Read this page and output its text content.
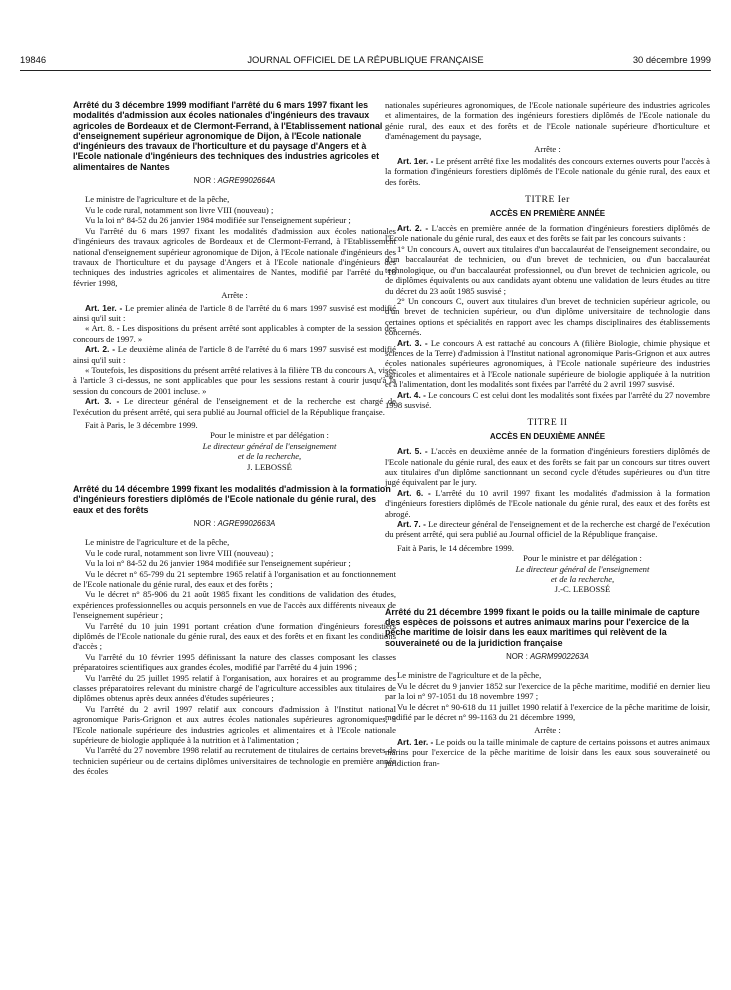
19846	JOURNAL OFFICIEL DE LA RÉPUBLIQUE FRANÇAISE	30 décembre 1999
Arrêté du 3 décembre 1999 modifiant l'arrêté du 6 mars 1997 fixant les modalités d'admission aux écoles nationales d'ingénieurs des travaux agricoles de Bordeaux et de Clermont-Ferrand, à l'Etablissement national d'enseignement supérieur agronomique de Dijon, à l'Ecole nationale d'ingénieurs des travaux de l'horticulture et du paysage d'Angers et à l'Ecole nationale d'ingénieurs des techniques des industries agricoles et alimentaires de Nantes
NOR : AGRE9902664A

Le ministre de l'agriculture et de la pêche,

Vu le code rural, notamment son livre VIII (nouveau) ;

Vu la loi n° 84-52 du 26 janvier 1984 modifiée sur l'enseignement supérieur ;

Vu l'arrêté du 6 mars 1997 fixant les modalités d'admission aux écoles nationales d'ingénieurs des travaux agricoles de Bordeaux et de Clermont-Ferrand, à l'Etablissement national d'enseignement supérieur agronomique de Dijon, à l'Ecole nationale d'ingénieurs des travaux de l'horticulture et du paysage d'Angers et à l'Ecole nationale d'ingénieurs des techniques des industries agricoles et alimentaires de Nantes, modifié par l'arrêté du 18 février 1998,

Arrête :

Art. 1er. - Le premier alinéa de l'article 8 de l'arrêté du 6 mars 1997 susvisé est modifié ainsi qu'il suit :

« Art. 8. - Les dispositions du présent arrêté sont applicables à compter de la session des concours de 1997. »

Art. 2. - Le deuxième alinéa de l'article 8 de l'arrêté du 6 mars 1997 susvisé est modifié ainsi qu'il suit :

« Toutefois, les dispositions du présent arrêté relatives à la filière TB du concours A, visée à l'article 3 ci-dessus, ne sont applicables que pour les sessions restant à courir jusqu'à la session du concours de 2001 incluse. »

Art. 3. - Le directeur général de l'enseignement et de la recherche est chargé de l'exécution du présent arrêté, qui sera publié au Journal officiel de la République française.

Fait à Paris, le 3 décembre 1999.

Pour le ministre et par délégation :

Le directeur général de l'enseignement

et de la recherche,

J. LEBOSSÉ

Arrêté du 14 décembre 1999 fixant les modalités d'admission à la formation d'ingénieurs forestiers diplômés de l'Ecole nationale du génie rural, des eaux et des forêts
NOR : AGRE9902663A

Le ministre de l'agriculture et de la pêche,

Vu le code rural, notamment son livre VIII (nouveau) ;

Vu la loi n° 84-52 du 26 janvier 1984 modifiée sur l'enseignement supérieur ;

Vu le décret n° 65-799 du 21 septembre 1965 relatif à l'organisation et au fonctionnement de l'Ecole nationale du génie rural, des eaux et des forêts ;

Vu le décret n° 85-906 du 21 août 1985 fixant les conditions de validation des études, expériences professionnelles ou acquis personnels en vue de l'accès aux différents niveaux de l'enseignement supérieur ;

Vu l'arrêté du 10 juin 1991 portant création d'une formation d'ingénieurs forestiers diplômés de l'Ecole nationale du génie rural, des eaux et des forêts et en fixant les conditions d'accès ;

Vu l'arrêté du 10 février 1995 définissant la nature des classes composant les classes préparatoires scientifiques aux grandes écoles, modifié par l'arrêté du 4 juin 1996 ;

Vu l'arrêté du 25 juillet 1995 relatif à l'organisation, aux horaires et au programme des classes préparatoires relevant du ministre chargé de l'agriculture accessibles aux titulaires de diplômes obtenus après deux années d'études supérieures ;

Vu l'arrêté du 2 avril 1997 relatif aux concours d'admission à l'Institut national agronomique Paris-Grignon et aux autres écoles nationales supérieures agronomiques, à l'Ecole nationale supérieure des industries agricoles et alimentaires et à l'Ecole nationale supérieure de biologie appliquée à la nutrition et à l'alimentation ;

Vu l'arrêté du 27 novembre 1998 relatif au recrutement de titulaires de certains brevets de technicien supérieur ou de certains diplômes universitaires de technologie en première année des écoles

nationales supérieures agronomiques, de l'Ecole nationale supérieure des industries agricoles et alimentaires, de la formation des ingénieurs forestiers diplômés de l'Ecole nationale du génie rural, des eaux et des forêts et de l'Ecole nationale supérieure d'horticulture et d'aménagement du paysage,

Arrête :

Art. 1er. - Le présent arrêté fixe les modalités des concours externes ouverts pour l'accès à la formation d'ingénieurs forestiers diplômés de l'Ecole nationale du génie rural, des eaux et des forêts.

TITRE Ier
ACCÈS EN PREMIÈRE ANNÉE

Art. 2. - L'accès en première année de la formation d'ingénieurs forestiers diplômés de l'Ecole nationale du génie rural, des eaux et des forêts se fait par les concours suivants :

1° Un concours A, ouvert aux titulaires d'un baccalauréat de l'enseignement secondaire, ou d'un baccalauréat de technicien, ou d'un brevet de technicien, ou d'un baccalauréat technologique, ou d'un baccalauréat professionnel, ou d'un brevet de technicien agricole, ou de diplômes équivalents ou aux candidats ayant obtenu une validation de leurs études au titre du décret du 23 août 1985 susvisé ;

2° Un concours C, ouvert aux titulaires d'un brevet de technicien supérieur agricole, ou d'un brevet de technicien supérieur, ou d'un diplôme universitaire de technologie dans certaines options et spécialités en rapport avec les champs disciplinaires des établissements concernés.

Art. 3. - Le concours A est rattaché au concours A (filière Biologie, chimie physique et sciences de la Terre) d'admission à l'Institut national agronomique Paris-Grignon et aux autres écoles nationales supérieures agronomiques, à l'Ecole nationale supérieure des industries agricoles et alimentaires et à l'Ecole nationale supérieure de biologie appliquée à la nutrition et à l'alimentation, dont les modalités sont fixées par l'arrêté du 2 avril 1997 susvisé.

Art. 4. - Le concours C est celui dont les modalités sont fixées par l'arrêté du 27 novembre 1998 susvisé.

TITRE II
ACCÈS EN DEUXIÈME ANNÉE

Art. 5. - L'accès en deuxième année de la formation d'ingénieurs forestiers diplômés de l'Ecole nationale du génie rural, des eaux et des forêts se fait par un concours sur titres ouvert aux titulaires d'un diplôme sanctionnant un second cycle d'études supérieures ou d'un titre jugé équivalent par le jury.

Art. 6. - L'arrêté du 10 avril 1997 fixant les modalités d'admission à la formation d'ingénieurs forestiers diplômés de l'Ecole nationale du génie rural, des eaux et des forêts est abrogé.

Art. 7. - Le directeur général de l'enseignement et de la recherche est chargé de l'exécution du présent arrêté, qui sera publié au Journal officiel de la République française.

Fait à Paris, le 14 décembre 1999.

Pour le ministre et par délégation :

Le directeur général de l'enseignement

et de la recherche,

J.-C. LEBOSSÉ

Arrêté du 21 décembre 1999 fixant le poids ou la taille minimale de capture des espèces de poissons et autres animaux marins pour l'exercice de la pêche maritime de loisir dans les eaux maritimes qui relèvent de la souveraineté ou de la juridiction française
NOR : AGRM9902263A

Le ministre de l'agriculture et de la pêche,

Vu le décret du 9 janvier 1852 sur l'exercice de la pêche maritime, modifié en dernier lieu par la loi n° 97-1051 du 18 novembre 1997 ;

Vu le décret n° 90-618 du 11 juillet 1990 relatif à l'exercice de la pêche maritime de loisir, modifié par le décret n° 99-1163 du 21 décembre 1999,

Arrête :

Art. 1er. - Le poids ou la taille minimale de capture de certains poissons et autres animaux marins pour l'exercice de la pêche maritime de loisir dans les eaux sous souveraineté ou juridiction fran-
